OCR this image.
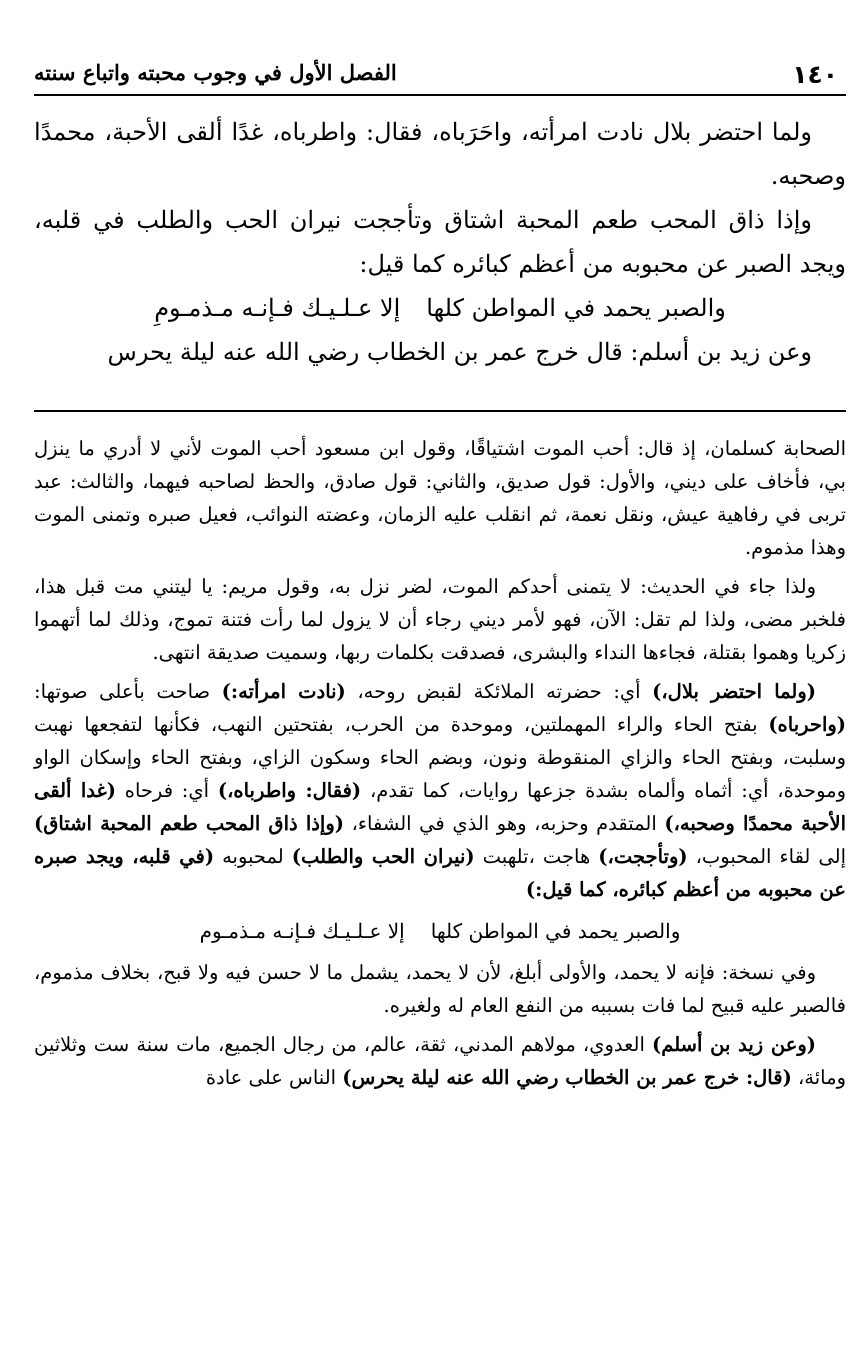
١٤٠
الفصل الأول في وجوب محبته واتباع سنته

ولما احتضر بلال نادت امرأته، واحَرَباه، فقال: واطرباه، غدًا ألقى الأحبة، محمدًا وصحبه.

وإذا ذاق المحب طعم المحبة اشتاق وتأججت نيران الحب والطلب في قلبه، ويجد الصبر عن محبوبه من أعظم كبائره كما قيل:

والصبر يحمد في المواطن كلها
إلا عـلـيـك فـإنـه مـذمـومِ

وعن زيد بن أسلم: قال خرج عمر بن الخطاب رضي الله عنه ليلة يحرس

الصحابة كسلمان، إذ قال: أحب الموت اشتياقًا، وقول ابن مسعود أحب الموت لأني لا أدري ما ينزل بي، فأخاف على ديني، والأول: قول صديق، والثاني: قول صادق، والحظ لصاحبه فيهما، والثالث: عبد تربى في رفاهية عيش، ونقل نعمة، ثم انقلب عليه الزمان، وعضته النوائب، فعيل صبره وتمنى الموت وهذا مذموم.

ولذا جاء في الحديث: لا يتمنى أحدكم الموت، لضر نزل به، وقول مريم: يا ليتني مت قبل هذا، فلخبر مضى، ولذا لم تقل: الآن، فهو لأمر ديني رجاء أن لا يزول لما رأت فتنة تموج، وذلك لما أتهموا زكريا وهموا بقتلة، فجاءها النداء والبشرى، فصدقت بكلمات ربها، وسميت صديقة انتهى.

(ولما احتضر بلال،) أي: حضرته الملائكة لقبض روحه، (نادت امرأته:) صاحت بأعلى صوتها: (واحرباه) بفتح الحاء والراء المهملتين، وموحدة من الحرب، بفتحتين النهب، فكأنها لتفجعها نهبت وسلبت، وبفتح الحاء والزاي المنقوطة ونون، وبضم الحاء وسكون الزاي، وبفتح الحاء وإسكان الواو وموحدة، أي: أثماه وألماه بشدة جزعها روايات، كما تقدم، (فقال: واطرباه،) أي: فرحاه (غدا ألقى الأحبة محمدًا وصحبه،) المتقدم وحزبه، وهو الذي في الشفاء، (وإذا ذاق المحب طعم المحبة اشتاق) إلى لقاء المحبوب، (وتأججت،) هاجت ،تلهبت (نيران الحب والطلب) لمحبوبه (في قلبه، ويجد صبره عن محبوبه من أعظم كبائره، كما قيل:)

والصبر يحمد في المواطن كلها
إلا عـلـيـك فـإنـه مـذمـوم

وفي نسخة: فإنه لا يحمد، والأولى أبلغ، لأن لا يحمد، يشمل ما لا حسن فيه ولا قبح، بخلاف مذموم، فالصبر عليه قبيح لما فات بسببه من النفع العام له ولغيره.

(وعن زيد بن أسلم) العدوي، مولاهم المدني، ثقة، عالم، من رجال الجميع، مات سنة ست وثلاثين ومائة، (قال: خرج عمر بن الخطاب رضي الله عنه ليلة يحرس) الناس على عادة
